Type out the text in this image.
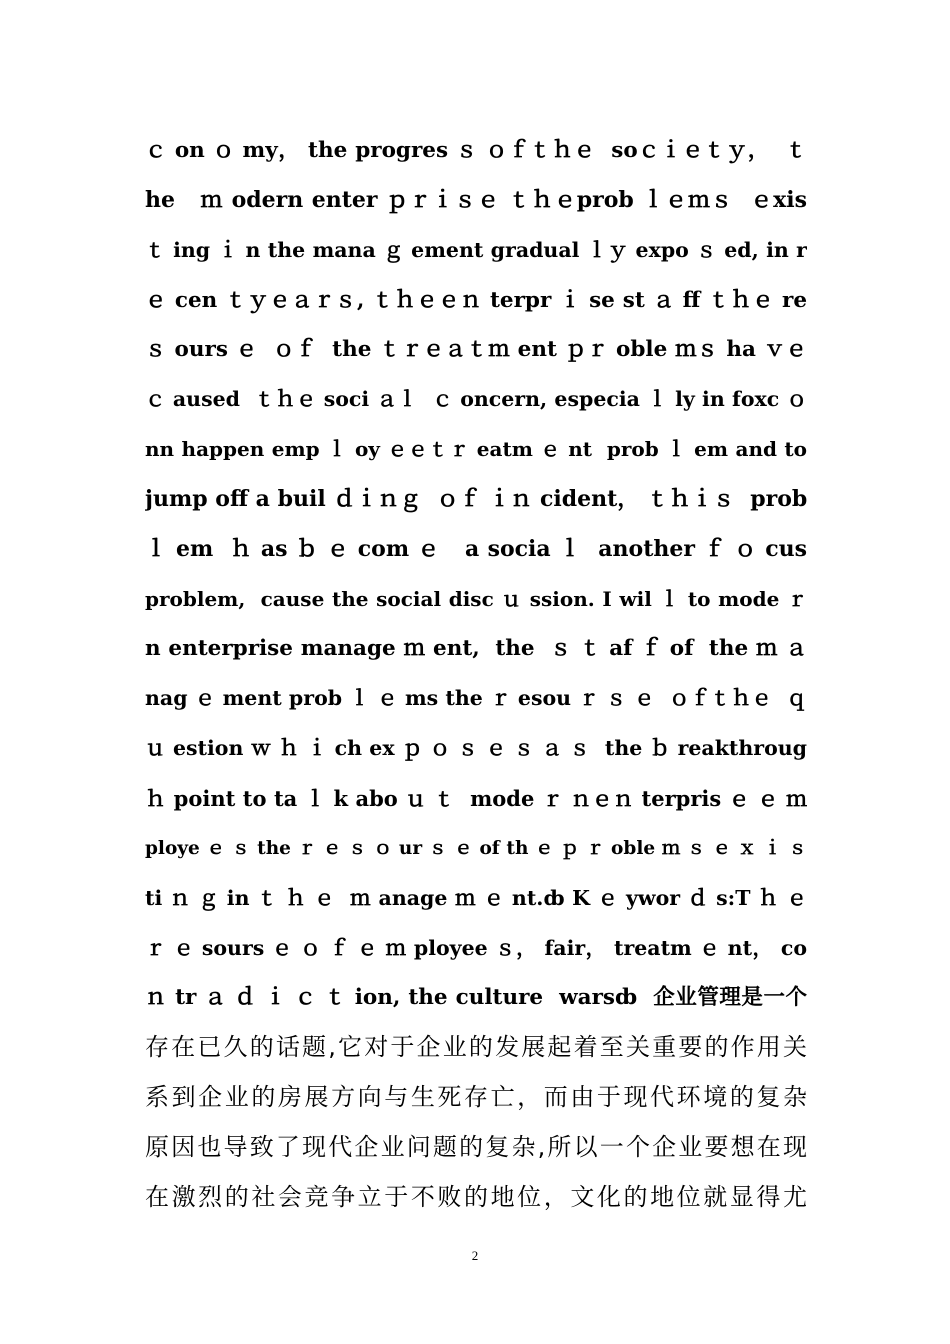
ｃ on ｏ my， the progres ｓ ｏｆｔｈｅ  soｃｉｅｔｙ，  ｔ
he   ｍ odern enter ｐｒｉｓｅ ｔｈｅprob ｌｅｍｓ  ｅxis
ｔ ing ｉ n the mana ｇ ement gradual ｌｙ expo ｓ ed, in r
ｅ cen ｔｙｅａｒｓ, ｔｈｅｅｎ terpr ｉ se st ａ ff ｔｈｅ re
ｓ ours ｅ  ｏｆ  the ｔｒｅａｔｍ ent ｐｒ oble ｍｓ ha ｖｅ
ｃ aused  ｔｈｅ soci ａｌ  ｃ oncern, especia ｌ ly in foxc ｏ
nn happen emp ｌ oy ｅｅｔｒ eatm ｅ nt  prob ｌ em and to
jump off a buil ｄｉｎｇ  ｏｆ ｉｎ cident， ｔｈｉｓ  prob
ｌ em  ｈ as ｂ ｅ com ｅ   a socia ｌ  another ｆ ｏ cus
problem,  cause the social disc ｕ ssion. I wil ｌ to mode ｒ
n enterprise manage ｍ ent,  the  ｓ ｔ af ｆ of  the ｍ ａ
nag ｅ ment prob ｌ ｅ ms the ｒ esou ｒ ｓ ｅ  ｏｆｔｈｅ  ｑ
ｕ estion ｗ ｈ ｉ ch ex ｐ ｏ ｓ ｅ ｓ ａ ｓ  the ｂ reakthroug
ｈ point to ta ｌ k abo ｕ ｔ  mode ｒ ｎｅｎ terpris ｅ ｅ ｍ
ploye ｅ ｓ the ｒ ｅ ｓ ｏ ur ｓ ｅ of th ｅ ｐ ｒ oble ｍ ｓ ｅ ｘ ｉ ｓ
ti ｎ ｇ in ｔ ｈ ｅ  ｍ anage ｍ ｅ nt.ȸ K ｅ ywor ｄ s:T ｈ ｅ
ｒ ｅ sours ｅ ｏ ｆ ｅ ｍ ployee ｓ， fair， treatm ｅ nt， co
ｎ tr ａ ｄ ｉ ｃ ｔ ion, the culture  warsȸ  企业管理是一个
存在已久的话题,它对于企业的发展起着至关重要的作用关
系到企业的房展方向与生死存亡，而由于现代环境的复杂
原因也导致了现代企业问题的复杂,所以一个企业要想在现
在激烈的社会竞争立于不败的地位，文化的地位就显得尤
2
